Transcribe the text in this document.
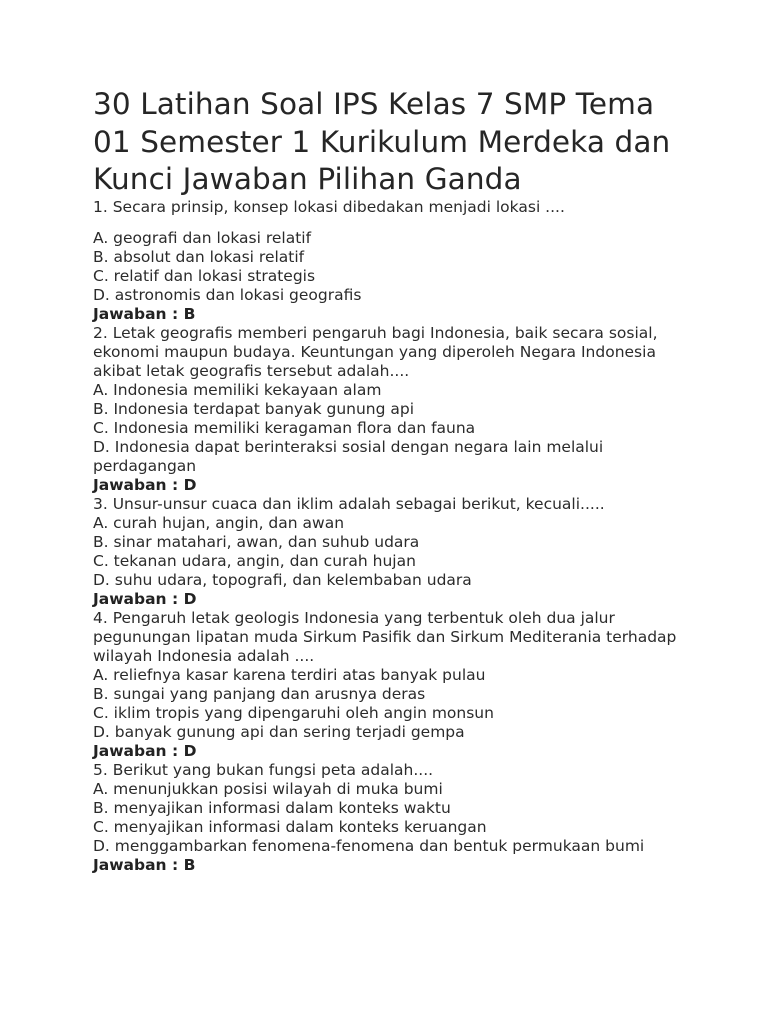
30 Latihan Soal IPS Kelas 7 SMP Tema 01 Semester 1 Kurikulum Merdeka dan Kunci Jawaban Pilihan Ganda

1. Secara prinsip, konsep lokasi dibedakan menjadi lokasi ....

A. geografi dan lokasi relatif

B. absolut dan lokasi relatif

C. relatif dan lokasi strategis

D. astronomis dan lokasi geografis

Jawaban : B

2. Letak geografis memberi pengaruh bagi Indonesia, baik secara sosial, ekonomi maupun budaya. Keuntungan yang diperoleh Negara Indonesia akibat letak geografis tersebut adalah....

A. Indonesia memiliki kekayaan alam

B. Indonesia terdapat banyak gunung api

C. Indonesia memiliki keragaman flora dan fauna

D. Indonesia dapat berinteraksi sosial dengan negara lain melalui perdagangan

Jawaban : D

3. Unsur-unsur cuaca dan iklim adalah sebagai berikut, kecuali.....

A. curah hujan, angin, dan awan

B. sinar matahari, awan, dan suhub udara

C. tekanan udara, angin, dan curah hujan

D. suhu udara, topografi, dan kelembaban udara

Jawaban : D

4. Pengaruh letak geologis Indonesia yang terbentuk oleh dua jalur pegunungan lipatan muda Sirkum Pasifik dan Sirkum Mediterania terhadap wilayah Indonesia adalah ....

A. reliefnya kasar karena terdiri atas banyak pulau

B. sungai yang panjang dan arusnya deras

C. iklim tropis yang dipengaruhi oleh angin monsun

D. banyak gunung api dan sering terjadi gempa

Jawaban : D

5. Berikut yang bukan fungsi peta adalah....

A. menunjukkan posisi wilayah di muka bumi

B. menyajikan informasi dalam konteks waktu

C. menyajikan informasi dalam konteks keruangan

D. menggambarkan fenomena-fenomena dan bentuk permukaan bumi

Jawaban : B
